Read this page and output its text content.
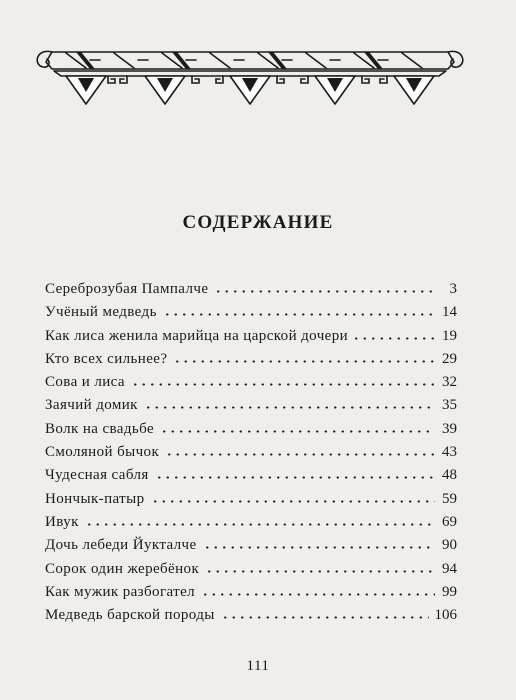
СОДЕРЖАНИЕ
Сереброзубая Пампалче	3
Учёный медведь	14
Как лиса женила марийца на царской дочери	19
Кто всех сильнее?	29
Сова и лиса	32
Заячий домик	35
Волк на свадьбе	39
Смоляной бычок	43
Чудесная сабля	48
Нончык-патыр	59
Ивук	69
Дочь лебеди Йукталче	90
Сорок один жеребёнок	94
Как мужик разбогател	99
Медведь барской породы	106
111
